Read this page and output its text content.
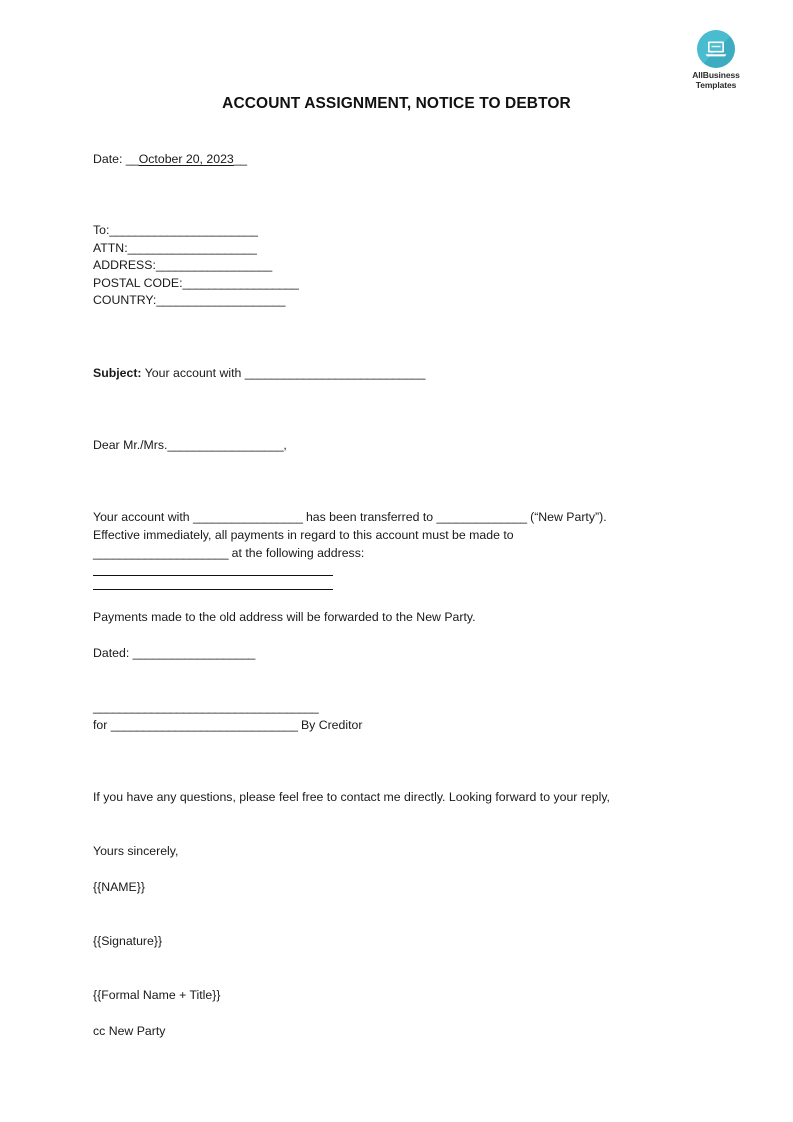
AllBusiness
Templates
ACCOUNT ASSIGNMENT, NOTICE TO DEBTOR

Date: __October 20, 2023__

To:_______________________
ATTN:____________________
ADDRESS:__________________
POSTAL CODE:__________________
COUNTRY:____________________

Subject: Your account with ____________________________

Dear Mr./Mrs.__________________,

Your account with _________________ has been transferred to ______________ (“New Party”).

Effective immediately, all payments in regard to this account must be made to

_____________________ at the following address:

Payments made to the old address will be forwarded to the New Party.

Dated: ___________________

___________________________________

for _____________________________ By Creditor

If you have any questions, please feel free to contact me directly. Looking forward to your reply,

Yours sincerely,

{{NAME}}

{{Signature}}

{{Formal Name + Title}}

cc New Party
